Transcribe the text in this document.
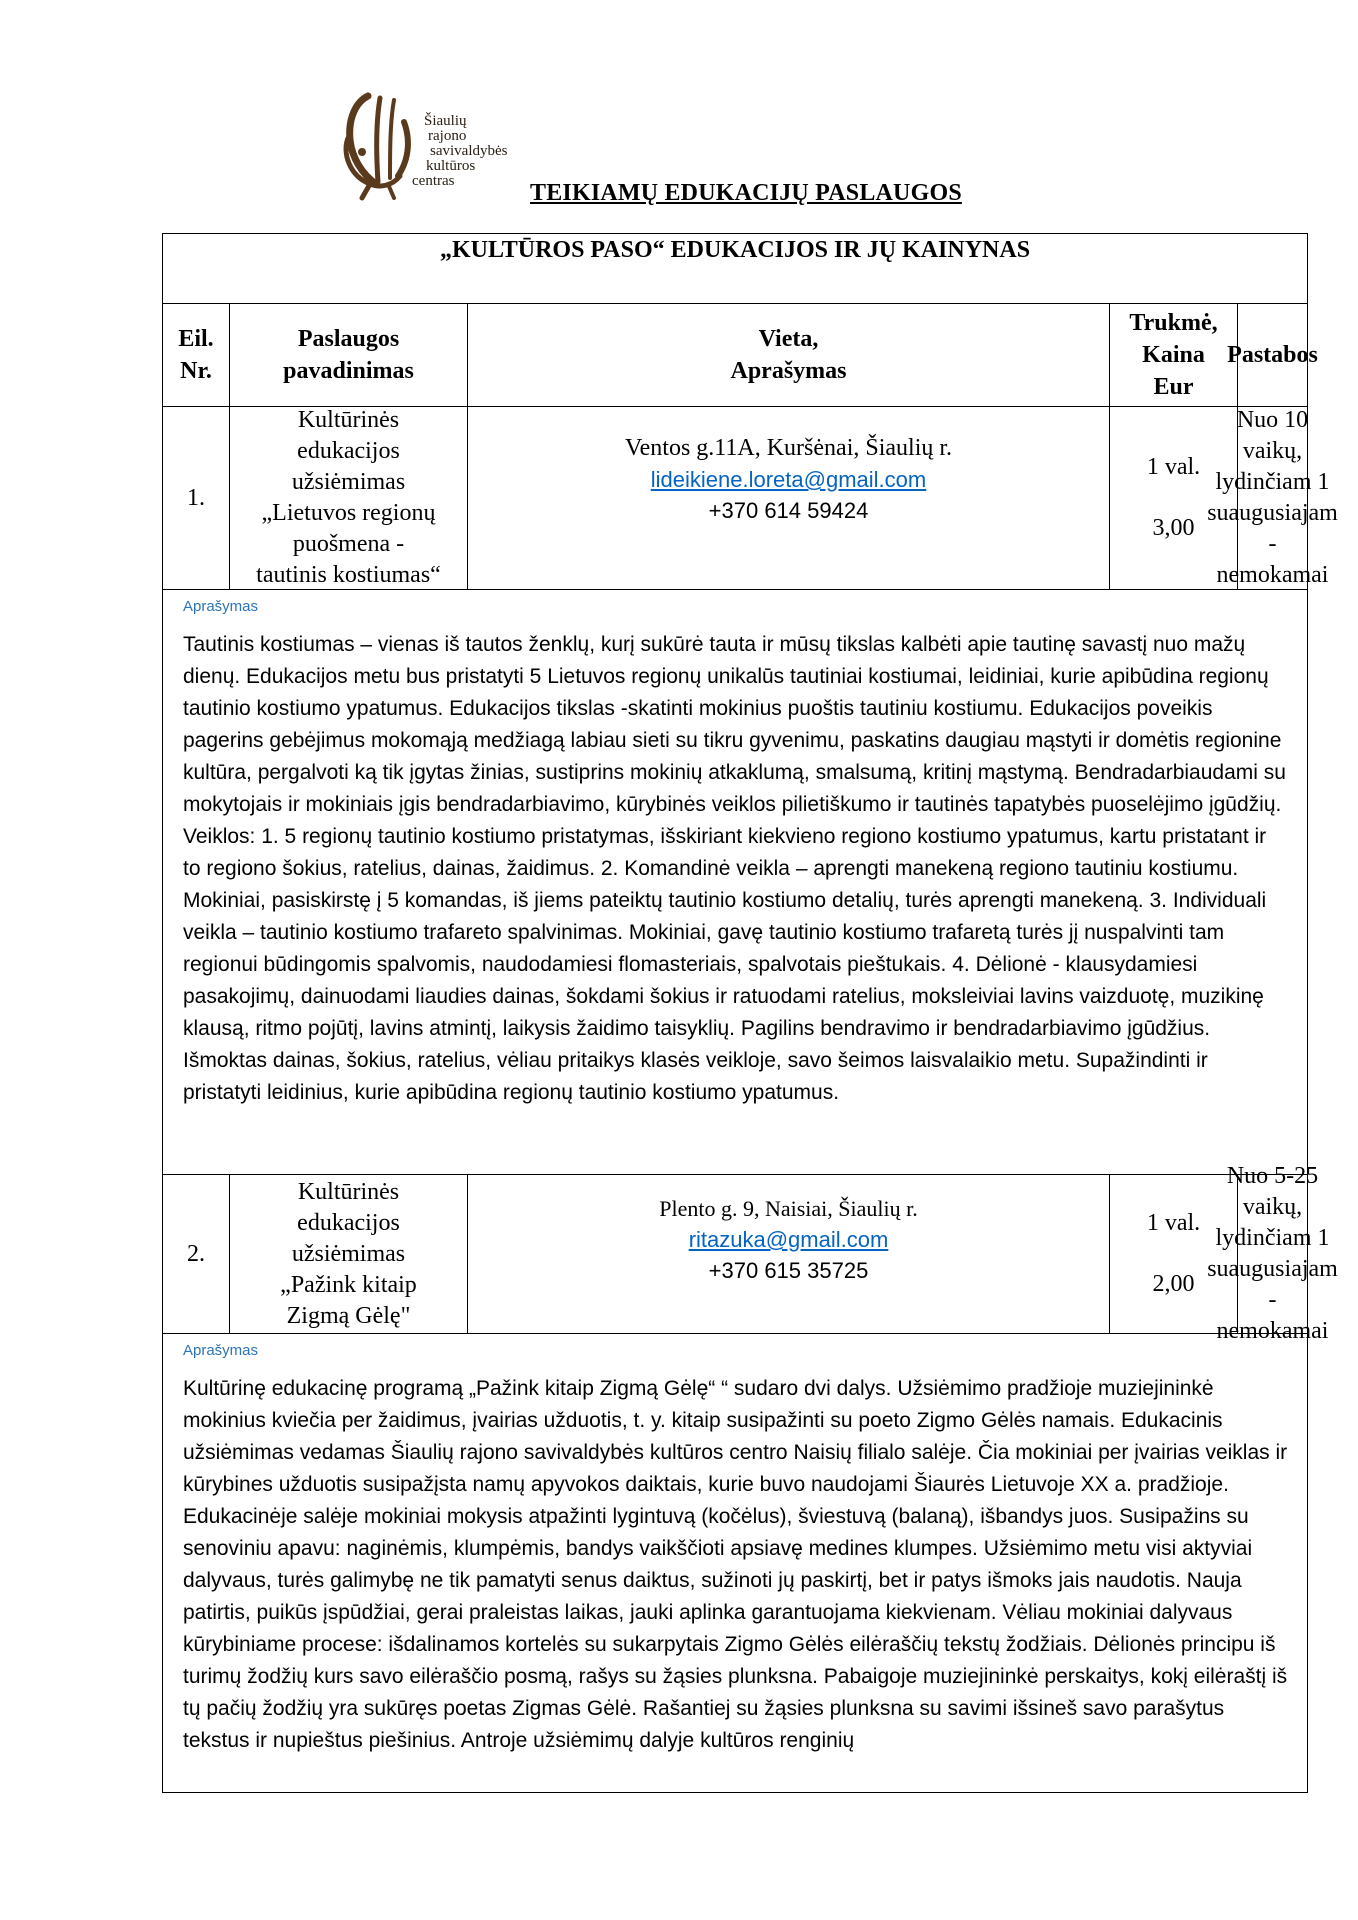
Šiaulių
rajono
savivaldybės
kultūros
centras	TEIKIAMŲ EDUKACIJŲ PASLAUGOS
„KULTŪROS PASO“ EDUKACIJOS IR JŲ KAINYNAS
Eil.
Nr.
Paslaugos
pavadinimas
Vieta,
Aprašymas
Trukmė,
Kaina
Eur
Pastabos
1.
Kultūrinės
edukacijos
užsiėmimas
„Lietuvos regionų
puošmena -
tautinis kostiumas“
Ventos g.11A, Kuršėnai, Šiaulių r.
lideikiene.loreta@gmail.com
+370 614 59424
1 val.
3,00
Nuo 10 vaikų,
lydinčiam 1
suaugusiajam -
nemokamai
Aprašymas
Tautinis kostiumas – vienas iš tautos ženklų, kurį sukūrė tauta ir mūsų tikslas kalbėti apie tautinę savastį nuo mažų dienų. Edukacijos metu bus pristatyti 5 Lietuvos regionų unikalūs tautiniai kostiumai, leidiniai, kurie apibūdina regionų tautinio kostiumo ypatumus. Edukacijos tikslas -skatinti mokinius puoštis tautiniu kostiumu. Edukacijos poveikis pagerins gebėjimus mokomąją medžiagą labiau sieti su tikru gyvenimu, paskatins daugiau mąstyti ir domėtis regionine kultūra, pergalvoti ką tik įgytas žinias, sustiprins mokinių atkaklumą, smalsumą, kritinį mąstymą. Bendradarbiaudami su mokytojais ir mokiniais įgis bendradarbiavimo, kūrybinės veiklos pilietiškumo ir tautinės tapatybės puoselėjimo įgūdžių. Veiklos: 1. 5 regionų tautinio kostiumo pristatymas, išskiriant kiekvieno regiono kostiumo ypatumus, kartu pristatant ir to regiono šokius, ratelius, dainas, žaidimus. 2. Komandinė veikla – aprengti manekeną regiono tautiniu kostiumu. Mokiniai, pasiskirstę į 5 komandas, iš jiems pateiktų tautinio kostiumo detalių, turės aprengti manekeną. 3. Individuali veikla – tautinio kostiumo trafareto spalvinimas. Mokiniai, gavę tautinio kostiumo trafaretą turės jį nuspalvinti tam regionui būdingomis spalvomis, naudodamiesi flomasteriais, spalvotais pieštukais. 4. Dėlionė - klausydamiesi pasakojimų, dainuodami liaudies dainas, šokdami šokius ir ratuodami ratelius, moksleiviai lavins vaizduotę, muzikinę klausą, ritmo pojūtį, lavins atmintį, laikysis žaidimo taisyklių. Pagilins bendravimo ir bendradarbiavimo įgūdžius. Išmoktas dainas, šokius, ratelius, vėliau pritaikys klasės veikloje, savo šeimos laisvalaikio metu. Supažindinti ir pristatyti leidinius, kurie apibūdina regionų tautinio kostiumo ypatumus.
2.
Kultūrinės
edukacijos
užsiėmimas
„Pažink kitaip
Zigmą Gėlę"
Plento g. 9, Naisiai, Šiaulių r.
ritazuka@gmail.com
+370 615 35725
1 val.
2,00
Nuo 5-25 vaikų,
lydinčiam 1
suaugusiajam -
nemokamai
Aprašymas
Kultūrinę edukacinę programą „Pažink kitaip Zigmą Gėlę“ “ sudaro dvi dalys. Užsiėmimo pradžioje muziejininkė mokinius kviečia per žaidimus, įvairias užduotis, t. y. kitaip susipažinti su poeto Zigmo Gėlės namais. Edukacinis užsiėmimas vedamas Šiaulių rajono savivaldybės kultūros centro Naisių filialo salėje. Čia mokiniai per įvairias veiklas ir kūrybines užduotis susipažįsta namų apyvokos daiktais, kurie buvo naudojami Šiaurės Lietuvoje XX a. pradžioje. Edukacinėje salėje mokiniai mokysis atpažinti lygintuvą (kočėlus), šviestuvą (balaną), išbandys juos. Susipažins su senoviniu apavu: naginėmis, klumpėmis, bandys vaikščioti apsiavę medines klumpes. Užsiėmimo metu visi aktyviai dalyvaus, turės galimybę ne tik pamatyti senus daiktus, sužinoti jų paskirtį, bet ir patys išmoks jais naudotis. Nauja patirtis, puikūs įspūdžiai, gerai praleistas laikas, jauki aplinka garantuojama kiekvienam. Vėliau mokiniai dalyvaus kūrybiniame procese: išdalinamos kortelės su sukarpytais Zigmo Gėlės eilėraščių tekstų žodžiais. Dėlionės principu iš turimų žodžių kurs savo eilėraščio posmą, rašys su žąsies plunksna. Pabaigoje muziejininkė perskaitys, kokį eilėraštį iš tų pačių žodžių yra sukūręs poetas Zigmas Gėlė. Rašantiej su žąsies plunksna su savimi išsineš savo parašytus tekstus ir nupieštus piešinius. Antroje užsiėmimų dalyje kultūros renginių
